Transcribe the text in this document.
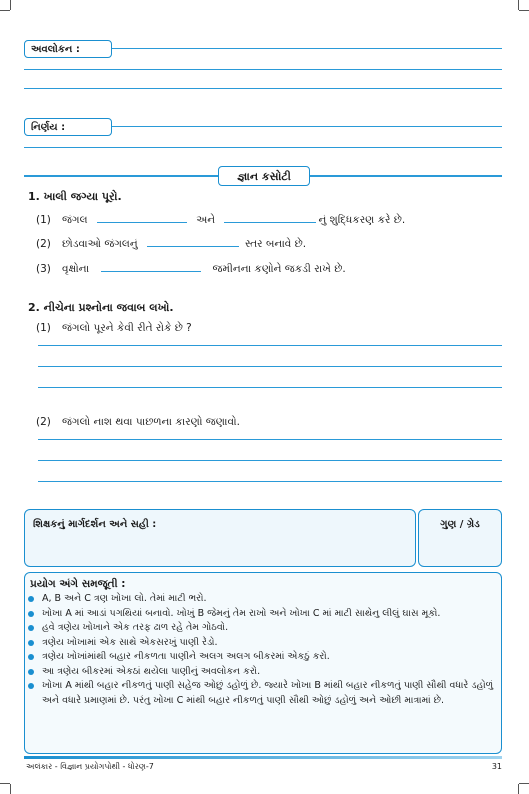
અવલોકન :
નિર્ણય :
જ્ઞાન કસોટી
1. ખાલી જગ્યા પૂરો.
(1) જંગલ	અને	નું શુદ્ધિકરણ કરે છે.
(2) છોડવાઓ જંગલનું	સ્તર બનાવે છે.
(3) વૃક્ષોના	જમીનના કણોને જકડી રાખે છે.
2. નીચેના પ્રશ્નોના જવાબ લખો.
(1) જંગલો પૂરને કેવી રીતે રોકે છે ?
(2) જંગલો નાશ થવા પાછળના કારણો જણાવો.
શિક્ષકનું માર્ગદર્શન અને સહી :	ગુણ / ગ્રેડ
પ્રયોગ અંગે સમજૂતી :
A, B અને C ત્રણ ખોખા લો. તેમાં માટી ભરો.
ખોખા A માં આડાં પગથિયાં બનાવો. ખોખું B જેમનું તેમ રાખો અને ખોખા C માં માટી સાથેનુ લીલું ઘાસ મૂકો.
હવે ત્રણેય ખોખાને એક તરફ ઢાળ રહે તેમ ગોઠવો.
ત્રણેય ખોખામાં એક સાથે એકસરખું પાણી રેડો.
ત્રણેય ખોખાંમાંથી બહાર નીકળતા પાણીને અલગ અલગ બીકરમાં એકઠું કરો.
આ ત્રણેય બીકરમાં એકઠાં થયેલા પાણીનું અવલોકન કરો.
ખોખા A માંથી બહાર નીકળતું પાણી સહેજ ઓછું ડહોળું છે. જ્યારે ખોખા B માંથી બહાર નીકળતું પાણી સૌથી વધારે ડહોળું અને વધારે પ્રમાણમાં છે. પરંતુ ખોખા C માંથી બહાર નીકળતું પાણી સૌથી ઓછું ડહોળું અને ઓછી માત્રામાં છે.
અલંકાર - વિજ્ઞાન પ્રયોગપોથી - ધોરણ-7	31
